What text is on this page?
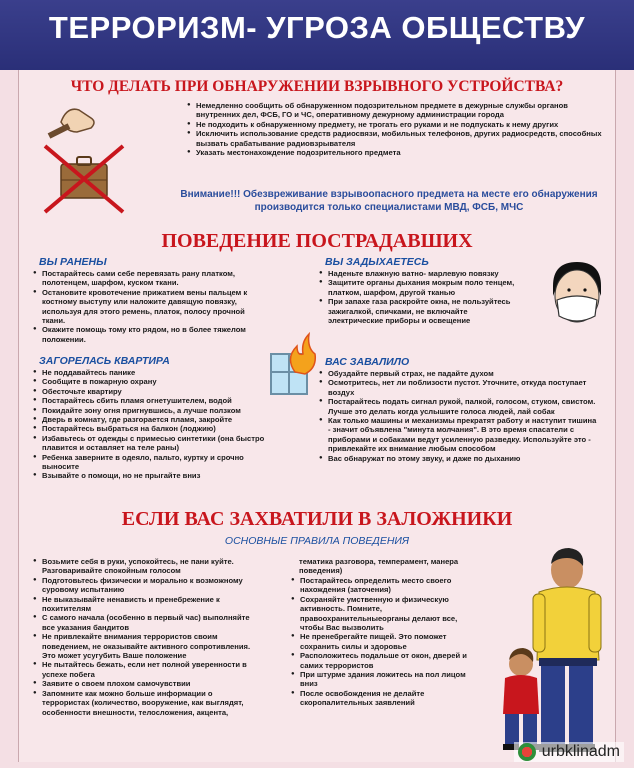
ТЕРРОРИЗМ- УГРОЗА ОБЩЕСТВУ
ЧТО ДЕЛАТЬ ПРИ ОБНАРУЖЕНИИ ВЗРЫВНОГО УСТРОЙСТВА?
● Немедленно сообщить об обнаруженном подозрительном предмете в дежурные службы органов внутренних дел, ФСБ, ГО и ЧС, оперативному дежурному администрации города
● Не подходить к обнаруженному предмету, не трогать его руками и не подпускать к нему других
● Исключить использование средств радиосвязи, мобильных телефонов, других радиосредств, способных вызвать срабатывание радиовзрывателя
● Указать местонахождение подозрительного предмета
Внимание!!! Обезвреживание взрывоопасного предмета на месте его обнаружения производится только специалистами МВД, ФСБ, МЧС
ПОВЕДЕНИЕ ПОСТРАДАВШИХ
ВЫ РАНЕНЫ
● Постарайтесь сами себе перевязать рану платком, полотенцем, шарфом, куском ткани.
● Остановите кровотечение прижатием вены пальцем к костному выступу или наложите давящую повязку, используя для этого ремень, платок, полосу прочной ткани.
● Окажите помощь тому кто рядом, но в более тяжелом положении.
ЗАГОРЕЛАСЬ КВАРТИРА
● Не поддавайтесь панике
● Сообщите в пожарную охрану
● Обесточьте квартиру
● Постарайтесь сбить пламя огнетушителем, водой
● Покидайте зону огня пригнувшись, а лучше ползком
● Дверь в комнату, где разгорается пламя, закройте
● Постарайтесь выбраться на балкон (лоджию)
● Избавьтесь от одежды с примесью синтетики (она быстро плавится и оставляет на теле раны)
● Ребенка заверните в одеяло, пальто, куртку и срочно выносите
● Взывайте о помощи, но не прыгайте вниз
ВЫ ЗАДЫХАЕТЕСЬ
● Наденьте влажную ватно- марлевую повязку
● Защитите органы дыхания мокрым поло тенцем, платком, шарфом, другой тканью
● При запахе газа раскройте окна, не пользуйтесь зажигалкой, спичками, не включайте электрические приборы и освещение
ВАС ЗАВАЛИЛО
● Обуздайте первый страх, не падайте духом
● Осмотритесь, нет ли поблизости пустот. Уточните, откуда поступает воздух
● Постарайтесь подать сигнал рукой, палкой, голосом, стуком, свистом. Лучше это делать когда услышите голоса людей, лай собак
● Как только машины и механизмы прекратят работу и наступит тишина - значит объявлена "минута молчания". В это время спасатели с приборами и собаками ведут усиленную разведку. Используйте это - привлекайте их внимание любым способом
● Вас обнаружат по этому звуку, и даже по дыханию
ЕСЛИ ВАС ЗАХВАТИЛИ В ЗАЛОЖНИКИ
ОСНОВНЫЕ ПРАВИЛА ПОВЕДЕНИЯ
● Возьмите себя в руки, успокойтесь, не пани куйте. Разговаривайте спокойным голосом
● Подготовьтесь физически и морально к возможному суровому испытанию
● Не выказывайте ненависть и пренебрежение к похитителям
● С самого начала (особенно в первый час) выполняйте все указания бандитов
● Не привлекайте внимания террористов своим поведением, не оказывайте активного сопротивления. Это может усугубить Ваше положение
● Не пытайтесь бежать, если нет полной уверенности в успехе побега
● Заявите о своем плохом самочувствии
● Запомните как можно больше информации о террористах (количество, вооружение, как выглядят, особенности внешности, телосложения, акцента,
тематика разговора, темперамент, манера поведения)
● Постарайтесь определить место своего нахождения (заточения)
● Сохраняйте умственную и физическую активность. Помните, правоохранительныеорганы делают все, чтобы Вас вызволить
● Не пренебрегайте пищей. Это поможет сохранить силы и здоровье
● Расположитесь подальше от окон, дверей и самих террористов
● При штурме здания ложитесь на пол лицом вниз
● После освобождения не делайте скоропалительных заявлений
urbklinadm
